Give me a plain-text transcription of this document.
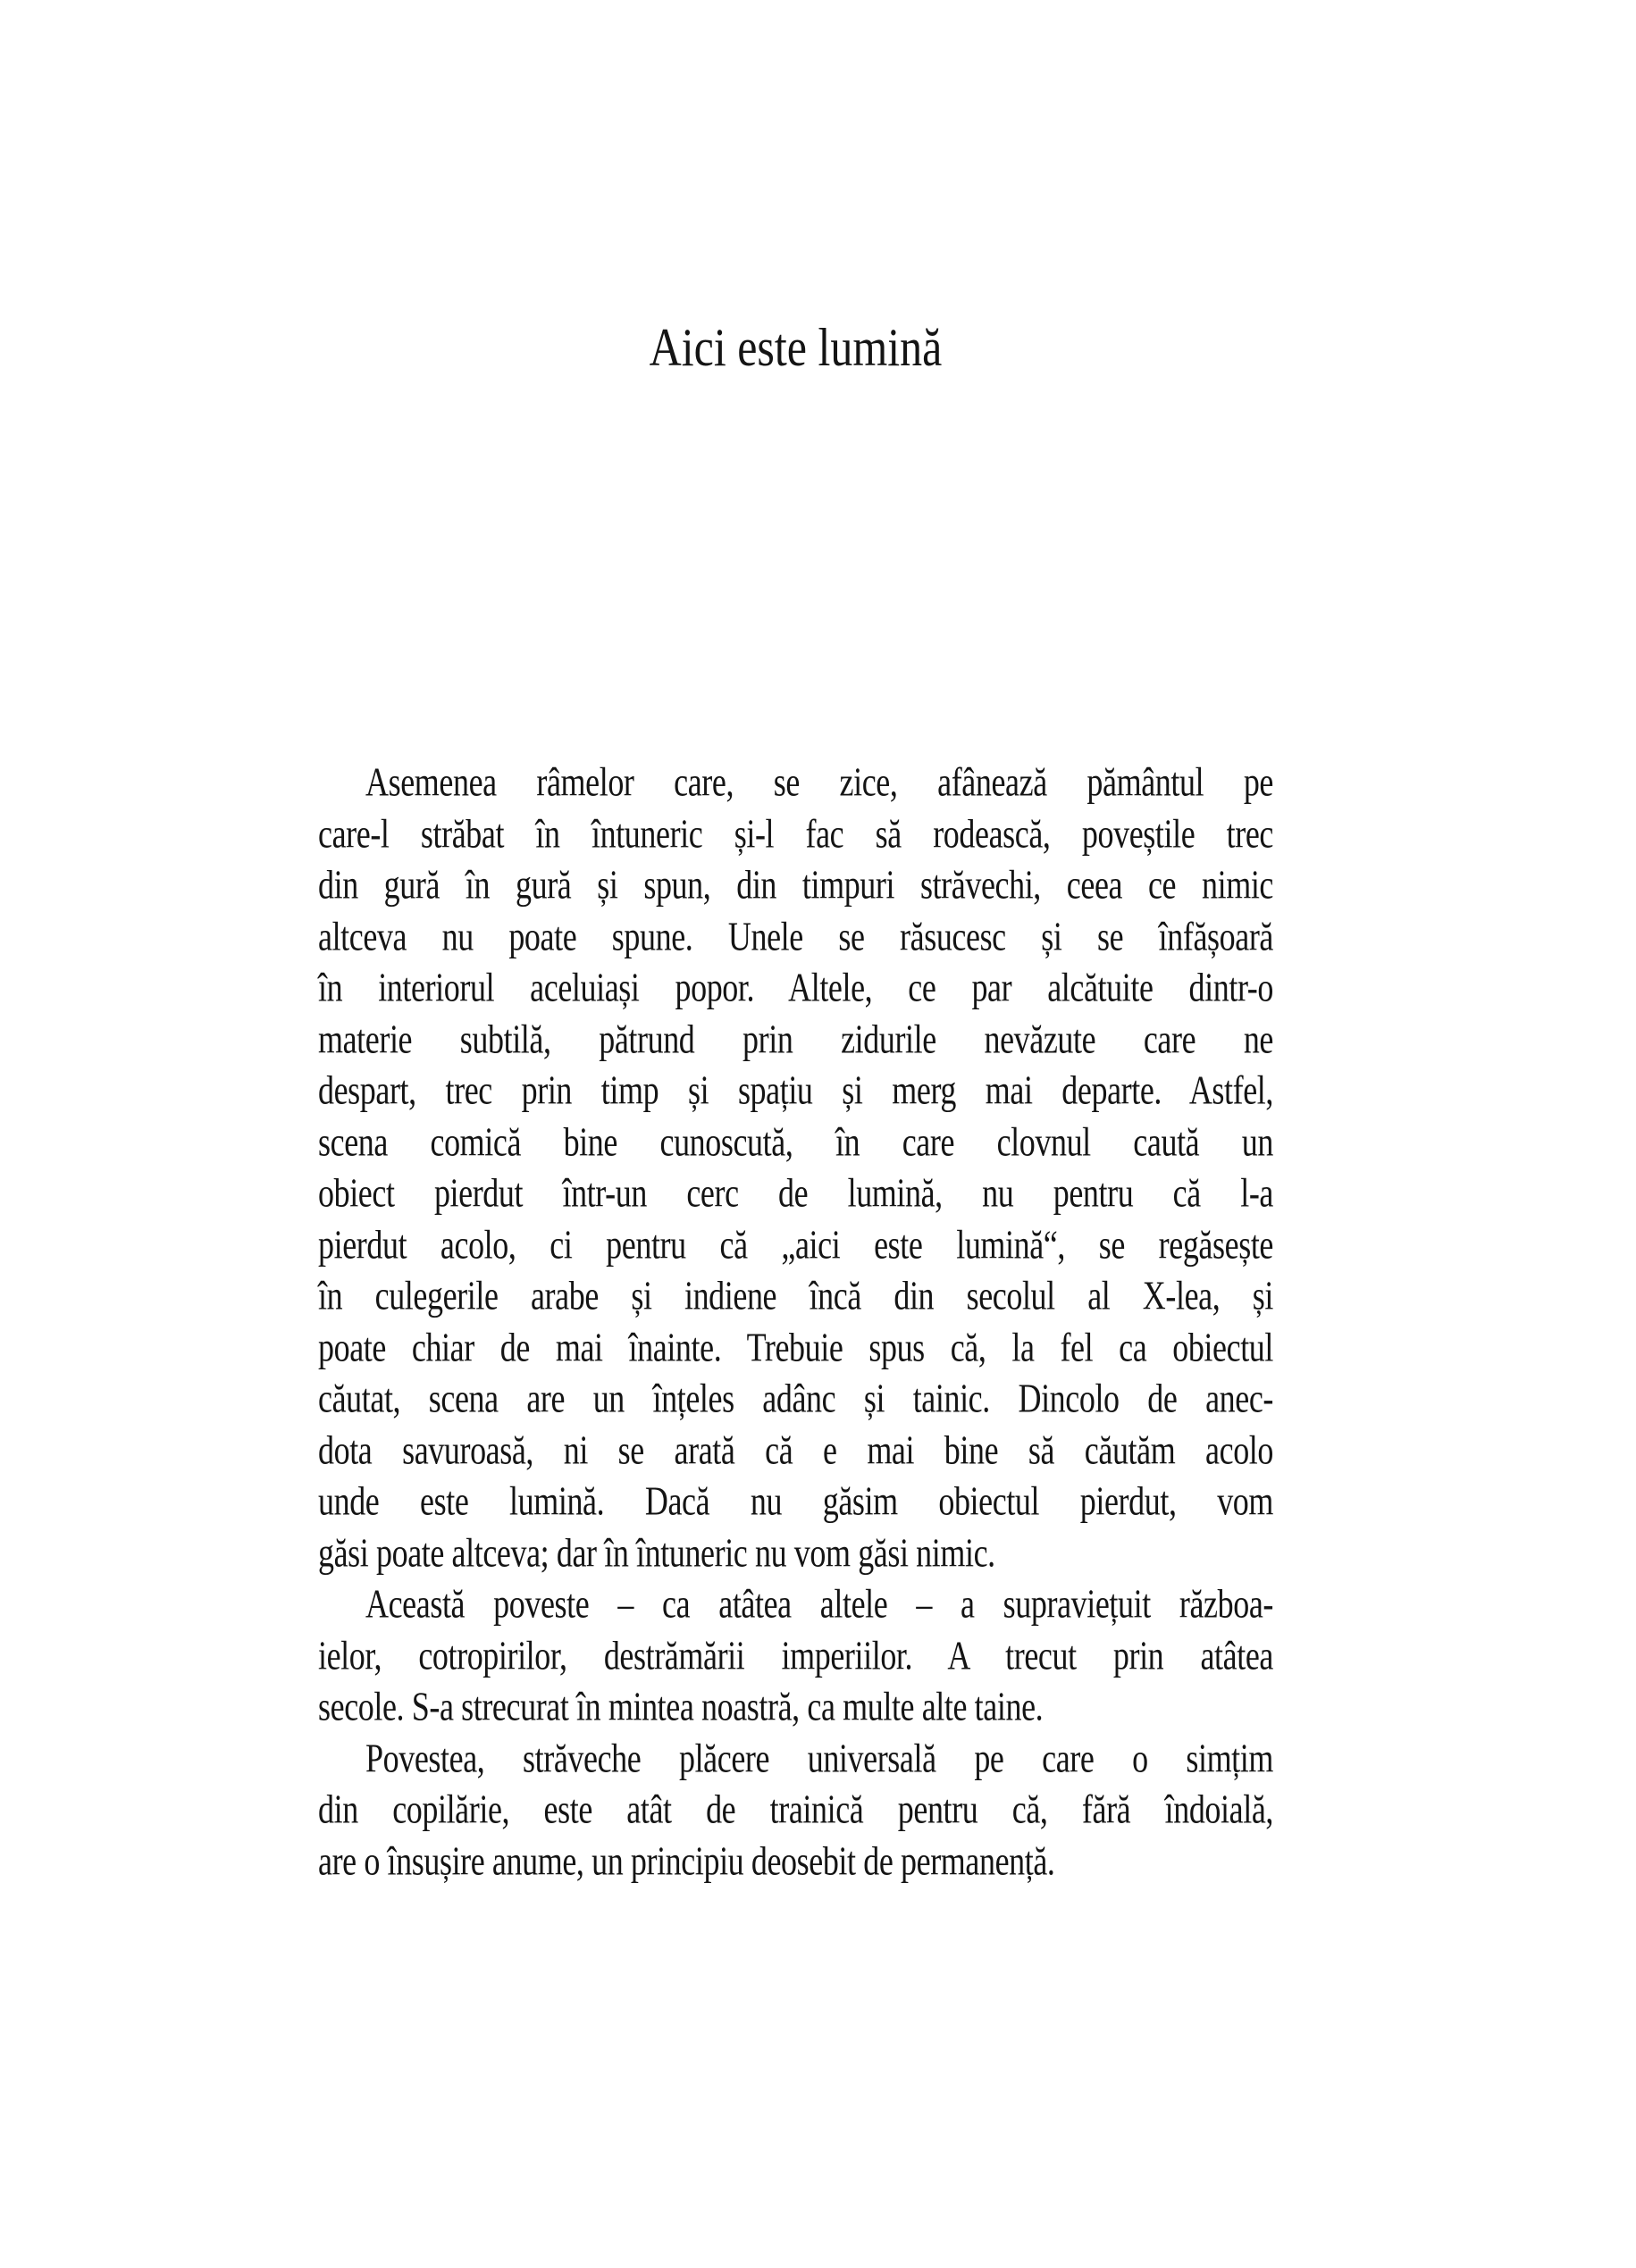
Aici este lumină
Asemenea râmelor care, se zice, afânează pământul pe
care-l străbat în întuneric și-l fac să rodească, poveștile trec
din gură în gură și spun, din timpuri străvechi, ceea ce nimic
altceva nu poate spune. Unele se răsucesc și se înfășoară
în interiorul aceluiași popor. Altele, ce par alcătuite dintr-o
materie subtilă, pătrund prin zidurile nevăzute care ne
despart, trec prin timp și spațiu și merg mai departe. Astfel,
scena comică bine cunoscută, în care clovnul caută un
obiect pierdut într-un cerc de lumină, nu pentru că l-a
pierdut acolo, ci pentru că „aici este lumină“, se regăsește
în culegerile arabe și indiene încă din secolul al X-lea, și
poate chiar de mai înainte. Trebuie spus că, la fel ca obiectul
căutat, scena are un înțeles adânc și tainic. Dincolo de anec-
dota savuroasă, ni se arată că e mai bine să căutăm acolo
unde este lumină. Dacă nu găsim obiectul pierdut, vom
găsi poate altceva; dar în întuneric nu vom găsi nimic.
Această poveste – ca atâtea altele – a supraviețuit războa-
ielor, cotropirilor, destrămării imperiilor. A trecut prin atâtea
secole. S-a strecurat în mintea noastră, ca multe alte taine.
Povestea, străveche plăcere universală pe care o simțim
din copilărie, este atât de trainică pentru că, fără îndoială,
are o însușire anume, un principiu deosebit de permanență.
